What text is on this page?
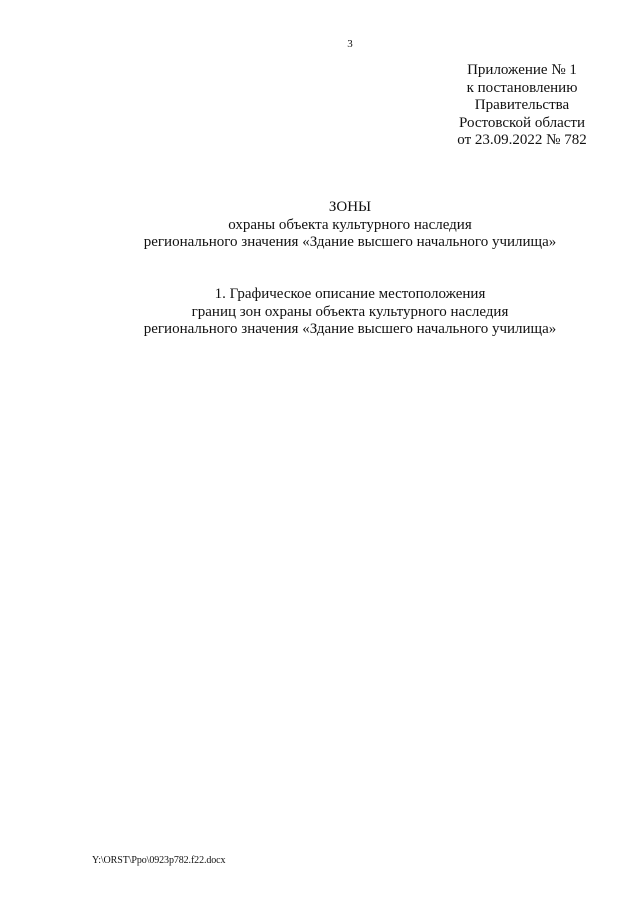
3
Приложение № 1
к постановлению
Правительства
Ростовской области
от 23.09.2022 № 782
ЗОНЫ
охраны объекта культурного наследия
регионального значения «Здание высшего начального училища»
1. Графическое описание местоположения
границ зон охраны объекта культурного наследия
регионального значения «Здание высшего начального училища»
Y:\ORST\Ppo\0923p782.f22.docx
